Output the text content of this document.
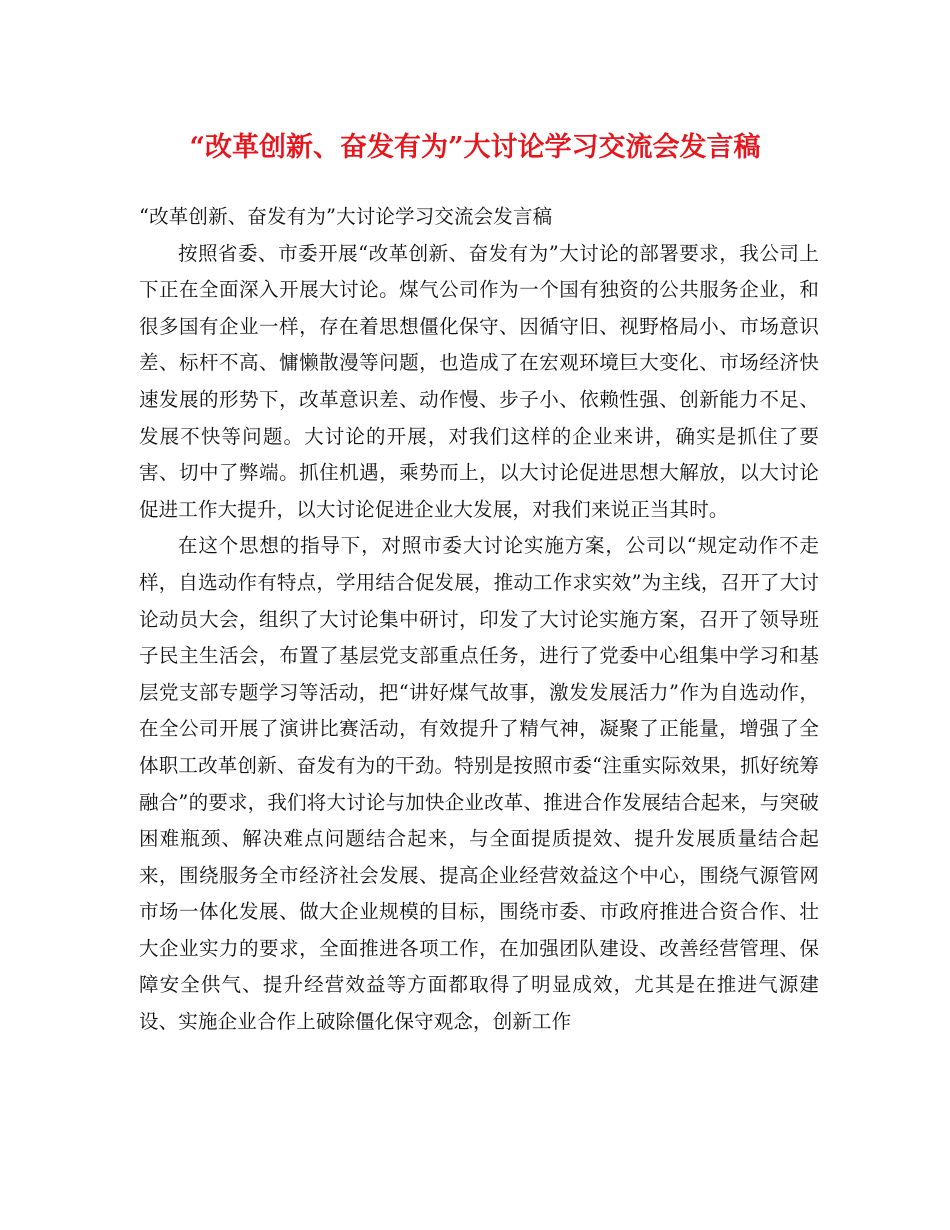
“改革创新、奋发有为”大讨论学习交流会发言稿

“改革创新、奋发有为”大讨论学习交流会发言稿

按照省委、市委开展“改革创新、奋发有为”大讨论的部署要求，我公司上下正在全面深入开展大讨论。煤气公司作为一个国有独资的公共服务企业，和很多国有企业一样，存在着思想僵化保守、因循守旧、视野格局小、市场意识差、标杆不高、慵懒散漫等问题，也造成了在宏观环境巨大变化、市场经济快速发展的形势下，改革意识差、动作慢、步子小、依赖性强、创新能力不足、发展不快等问题。大讨论的开展，对我们这样的企业来讲，确实是抓住了要害、切中了弊端。抓住机遇，乘势而上，以大讨论促进思想大解放，以大讨论促进工作大提升，以大讨论促进企业大发展，对我们来说正当其时。

在这个思想的指导下，对照市委大讨论实施方案，公司以“规定动作不走样，自选动作有特点，学用结合促发展，推动工作求实效”为主线，召开了大讨论动员大会，组织了大讨论集中研讨，印发了大讨论实施方案，召开了领导班子民主生活会，布置了基层党支部重点任务，进行了党委中心组集中学习和基层党支部专题学习等活动，把“讲好煤气故事，激发发展活力”作为自选动作，在全公司开展了演讲比赛活动，有效提升了精气神，凝聚了正能量，增强了全体职工改革创新、奋发有为的干劲。特别是按照市委“注重实际效果，抓好统筹融合”的要求，我们将大讨论与加快企业改革、推进合作发展结合起来，与突破困难瓶颈、解决难点问题结合起来，与全面提质提效、提升发展质量结合起来，围绕服务全市经济社会发展、提高企业经营效益这个中心，围绕气源管网市场一体化发展、做大企业规模的目标，围绕市委、市政府推进合资合作、壮大企业实力的要求，全面推进各项工作，在加强团队建设、改善经营管理、保障安全供气、提升经营效益等方面都取得了明显成效，尤其是在推进气源建设、实施企业合作上破除僵化保守观念，创新工作
